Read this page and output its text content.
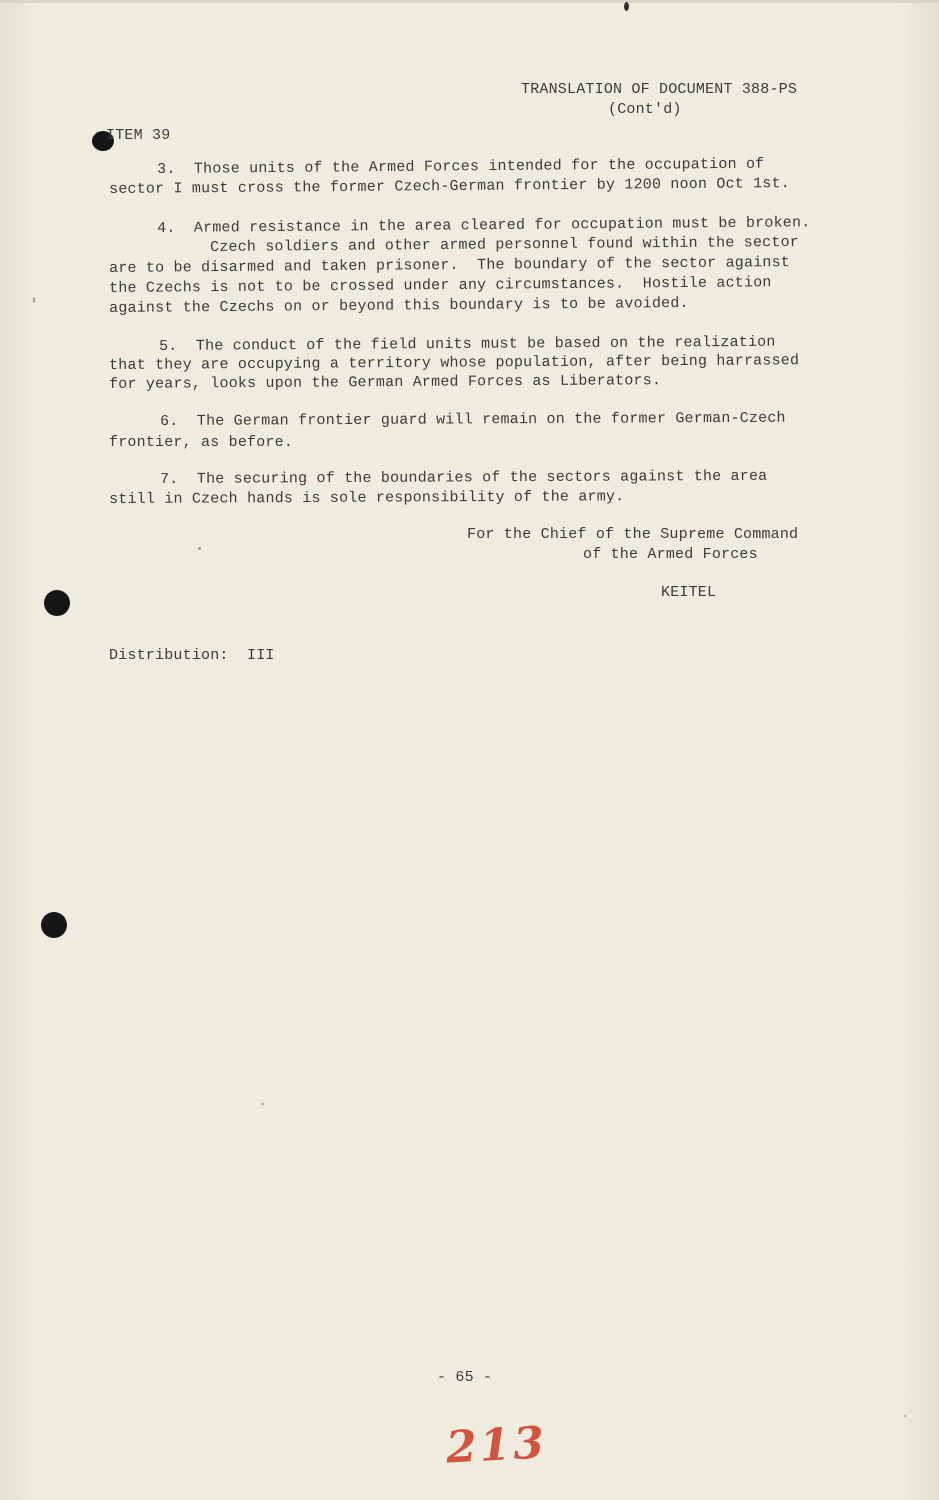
TRANSLATION OF DOCUMENT 388-PS
(Cont'd)
ITEM 39
3.  Those units of the Armed Forces intended for the occupation of
sector I must cross the former Czech-German frontier by 1200 noon Oct 1st.
4.  Armed resistance in the area cleared for occupation must be broken.
Czech soldiers and other armed personnel found within the sector
are to be disarmed and taken prisoner.  The boundary of the sector against
the Czechs is not to be crossed under any circumstances.  Hostile action
against the Czechs on or beyond this boundary is to be avoided.
5.  The conduct of the field units must be based on the realization
that they are occupying a territory whose population, after being harrassed
for years, looks upon the German Armed Forces as Liberators.
6.  The German frontier guard will remain on the former German-Czech
frontier, as before.
7.  The securing of the boundaries of the sectors against the area
still in Czech hands is sole responsibility of the army.
For the Chief of the Supreme Command
of the Armed Forces
KEITEL
Distribution:  III
- 65 -
213
